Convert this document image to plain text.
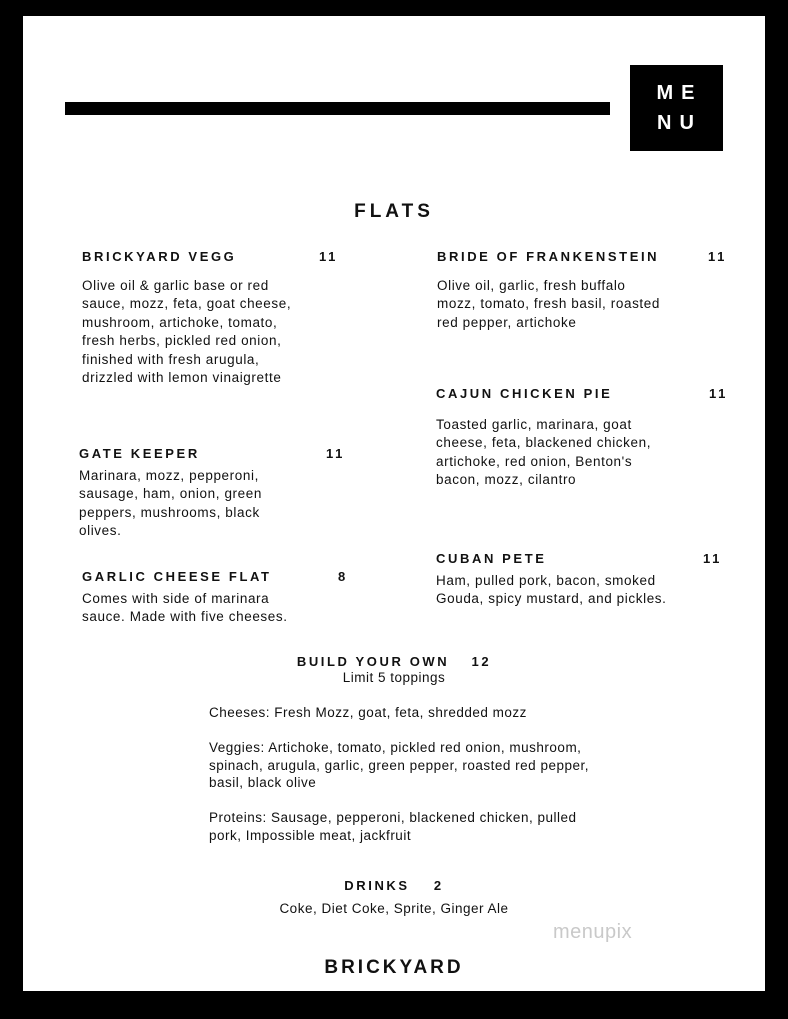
ME
NU
FLATS
BRICKYARD VEGG	11
Olive oil & garlic base or red sauce, mozz, feta, goat cheese, mushroom, artichoke, tomato, fresh herbs, pickled red onion, finished with fresh arugula, drizzled with lemon vinaigrette
BRIDE OF FRANKENSTEIN	11
Olive oil, garlic, fresh buffalo mozz, tomato, fresh basil, roasted red pepper, artichoke
CAJUN CHICKEN PIE	11
Toasted garlic, marinara, goat cheese, feta, blackened chicken, artichoke, red onion, Benton's bacon, mozz, cilantro
GATE KEEPER	11
Marinara, mozz, pepperoni, sausage, ham, onion, green peppers, mushrooms, black olives.
GARLIC CHEESE FLAT	8
Comes with side of marinara sauce. Made with five cheeses.
CUBAN PETE	11
Ham, pulled pork, bacon, smoked Gouda, spicy mustard, and pickles.
BUILD YOUR OWN 12
Limit 5 toppings

Cheeses: Fresh Mozz, goat, feta, shredded mozz

Veggies: Artichoke, tomato, pickled red onion, mushroom, spinach, arugula, garlic, green pepper, roasted red pepper, basil, black olive

Proteins: Sausage, pepperoni, blackened chicken, pulled pork, Impossible meat, jackfruit

DRINKS 2
Coke, Diet Coke, Sprite, Ginger Ale
menupix
BRICKYARD
